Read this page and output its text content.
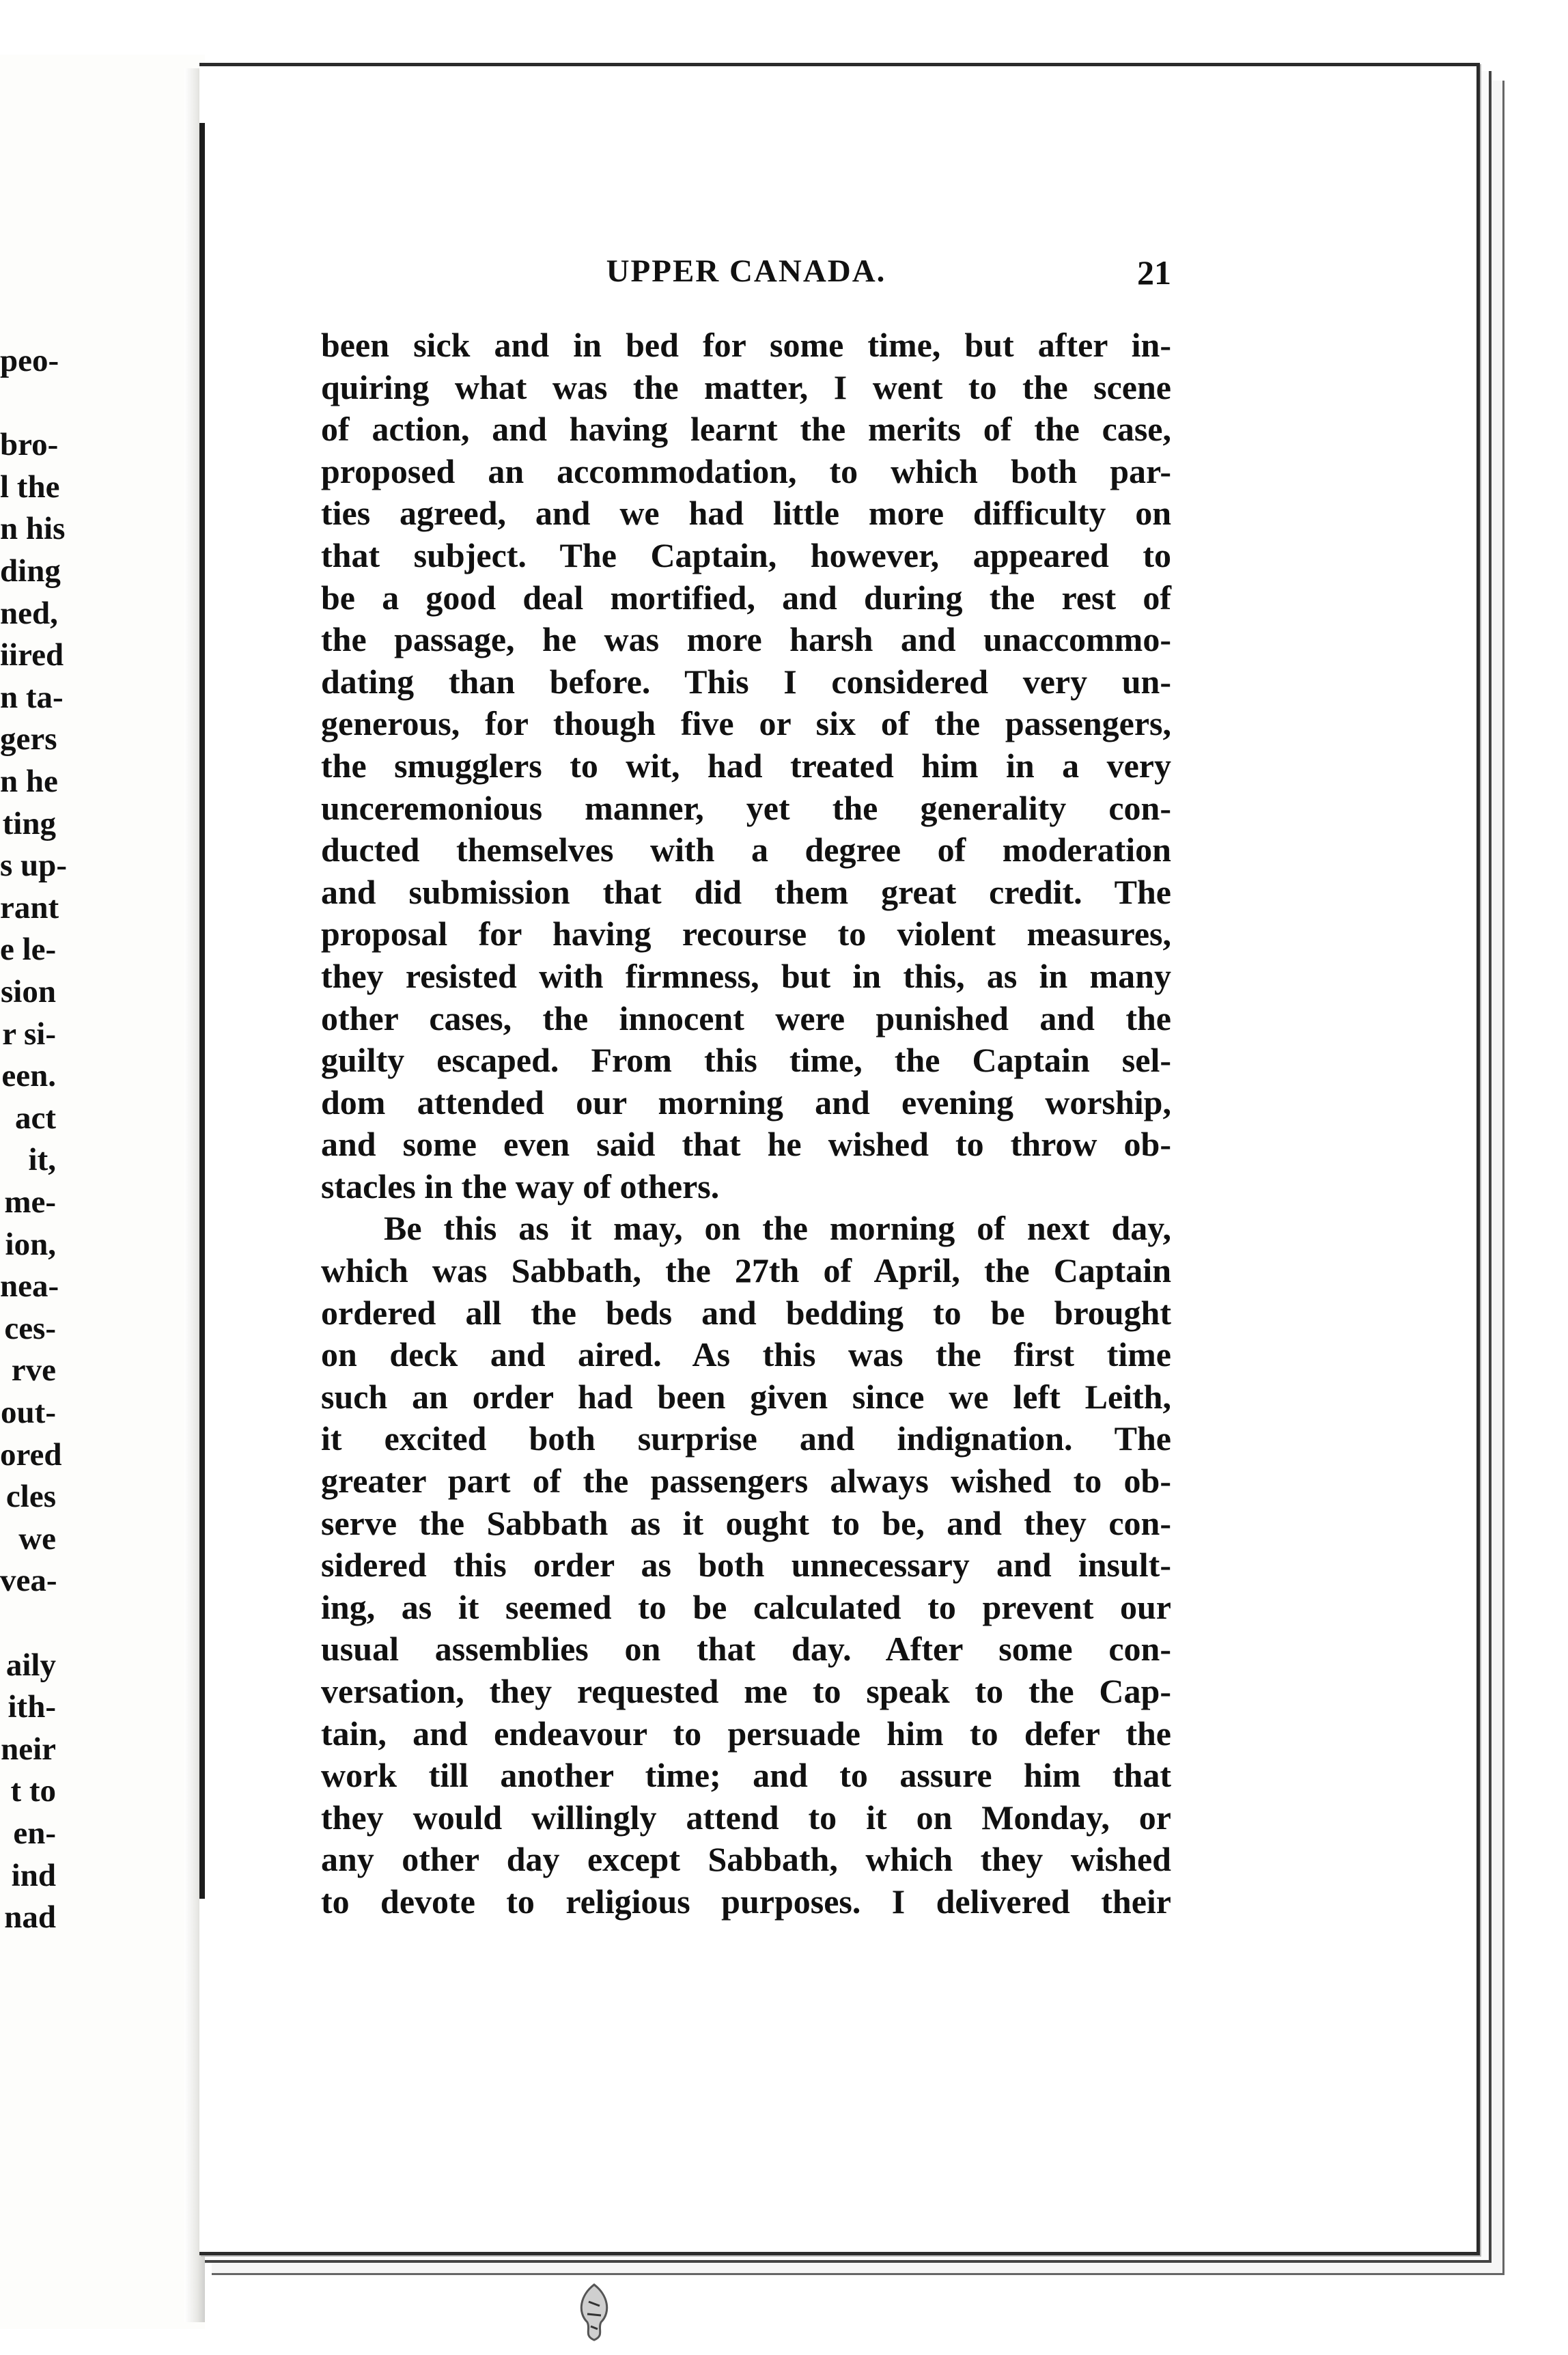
peo-
bro-
l the
n his
ding
ned,
iired
n ta-
gers
n he
ting
s up-
rant
e le-
sion
r si-
een.
act
it,
me-
ion,
nea-
ces-
rve
out-
ored
cles
we
vea-
aily
ith-
neir
t to
en-
ind
nad
UPPER CANADA.	21
been sick and in bed for some time, but after in-
quiring what was the matter, I went to the scene
of action, and having learnt the merits of the case,
proposed an accommodation, to which both par-
ties agreed, and we had little more difficulty on
that subject. The Captain, however, appeared to
be a good deal mortified, and during the rest of
the passage, he was more harsh and unaccommo-
dating than before. This I considered very un-
generous, for though five or six of the passengers,
the smugglers to wit, had treated him in a very
unceremonious manner, yet the generality con-
ducted themselves with a degree of moderation
and submission that did them great credit. The
proposal for having recourse to violent measures,
they resisted with firmness, but in this, as in many
other cases, the innocent were punished and the
guilty escaped. From this time, the Captain sel-
dom attended our morning and evening worship,
and some even said that he wished to throw ob-
stacles in the way of others.
Be this as it may, on the morning of next day,
which was Sabbath, the 27th of April, the Captain
ordered all the beds and bedding to be brought
on deck and aired. As this was the first time
such an order had been given since we left Leith,
it excited both surprise and indignation. The
greater part of the passengers always wished to ob-
serve the Sabbath as it ought to be, and they con-
sidered this order as both unnecessary and insult-
ing, as it seemed to be calculated to prevent our
usual assemblies on that day. After some con-
versation, they requested me to speak to the Cap-
tain, and endeavour to persuade him to defer the
work till another time; and to assure him that
they would willingly attend to it on Monday, or
any other day except Sabbath, which they wished
to devote to religious purposes. I delivered their
